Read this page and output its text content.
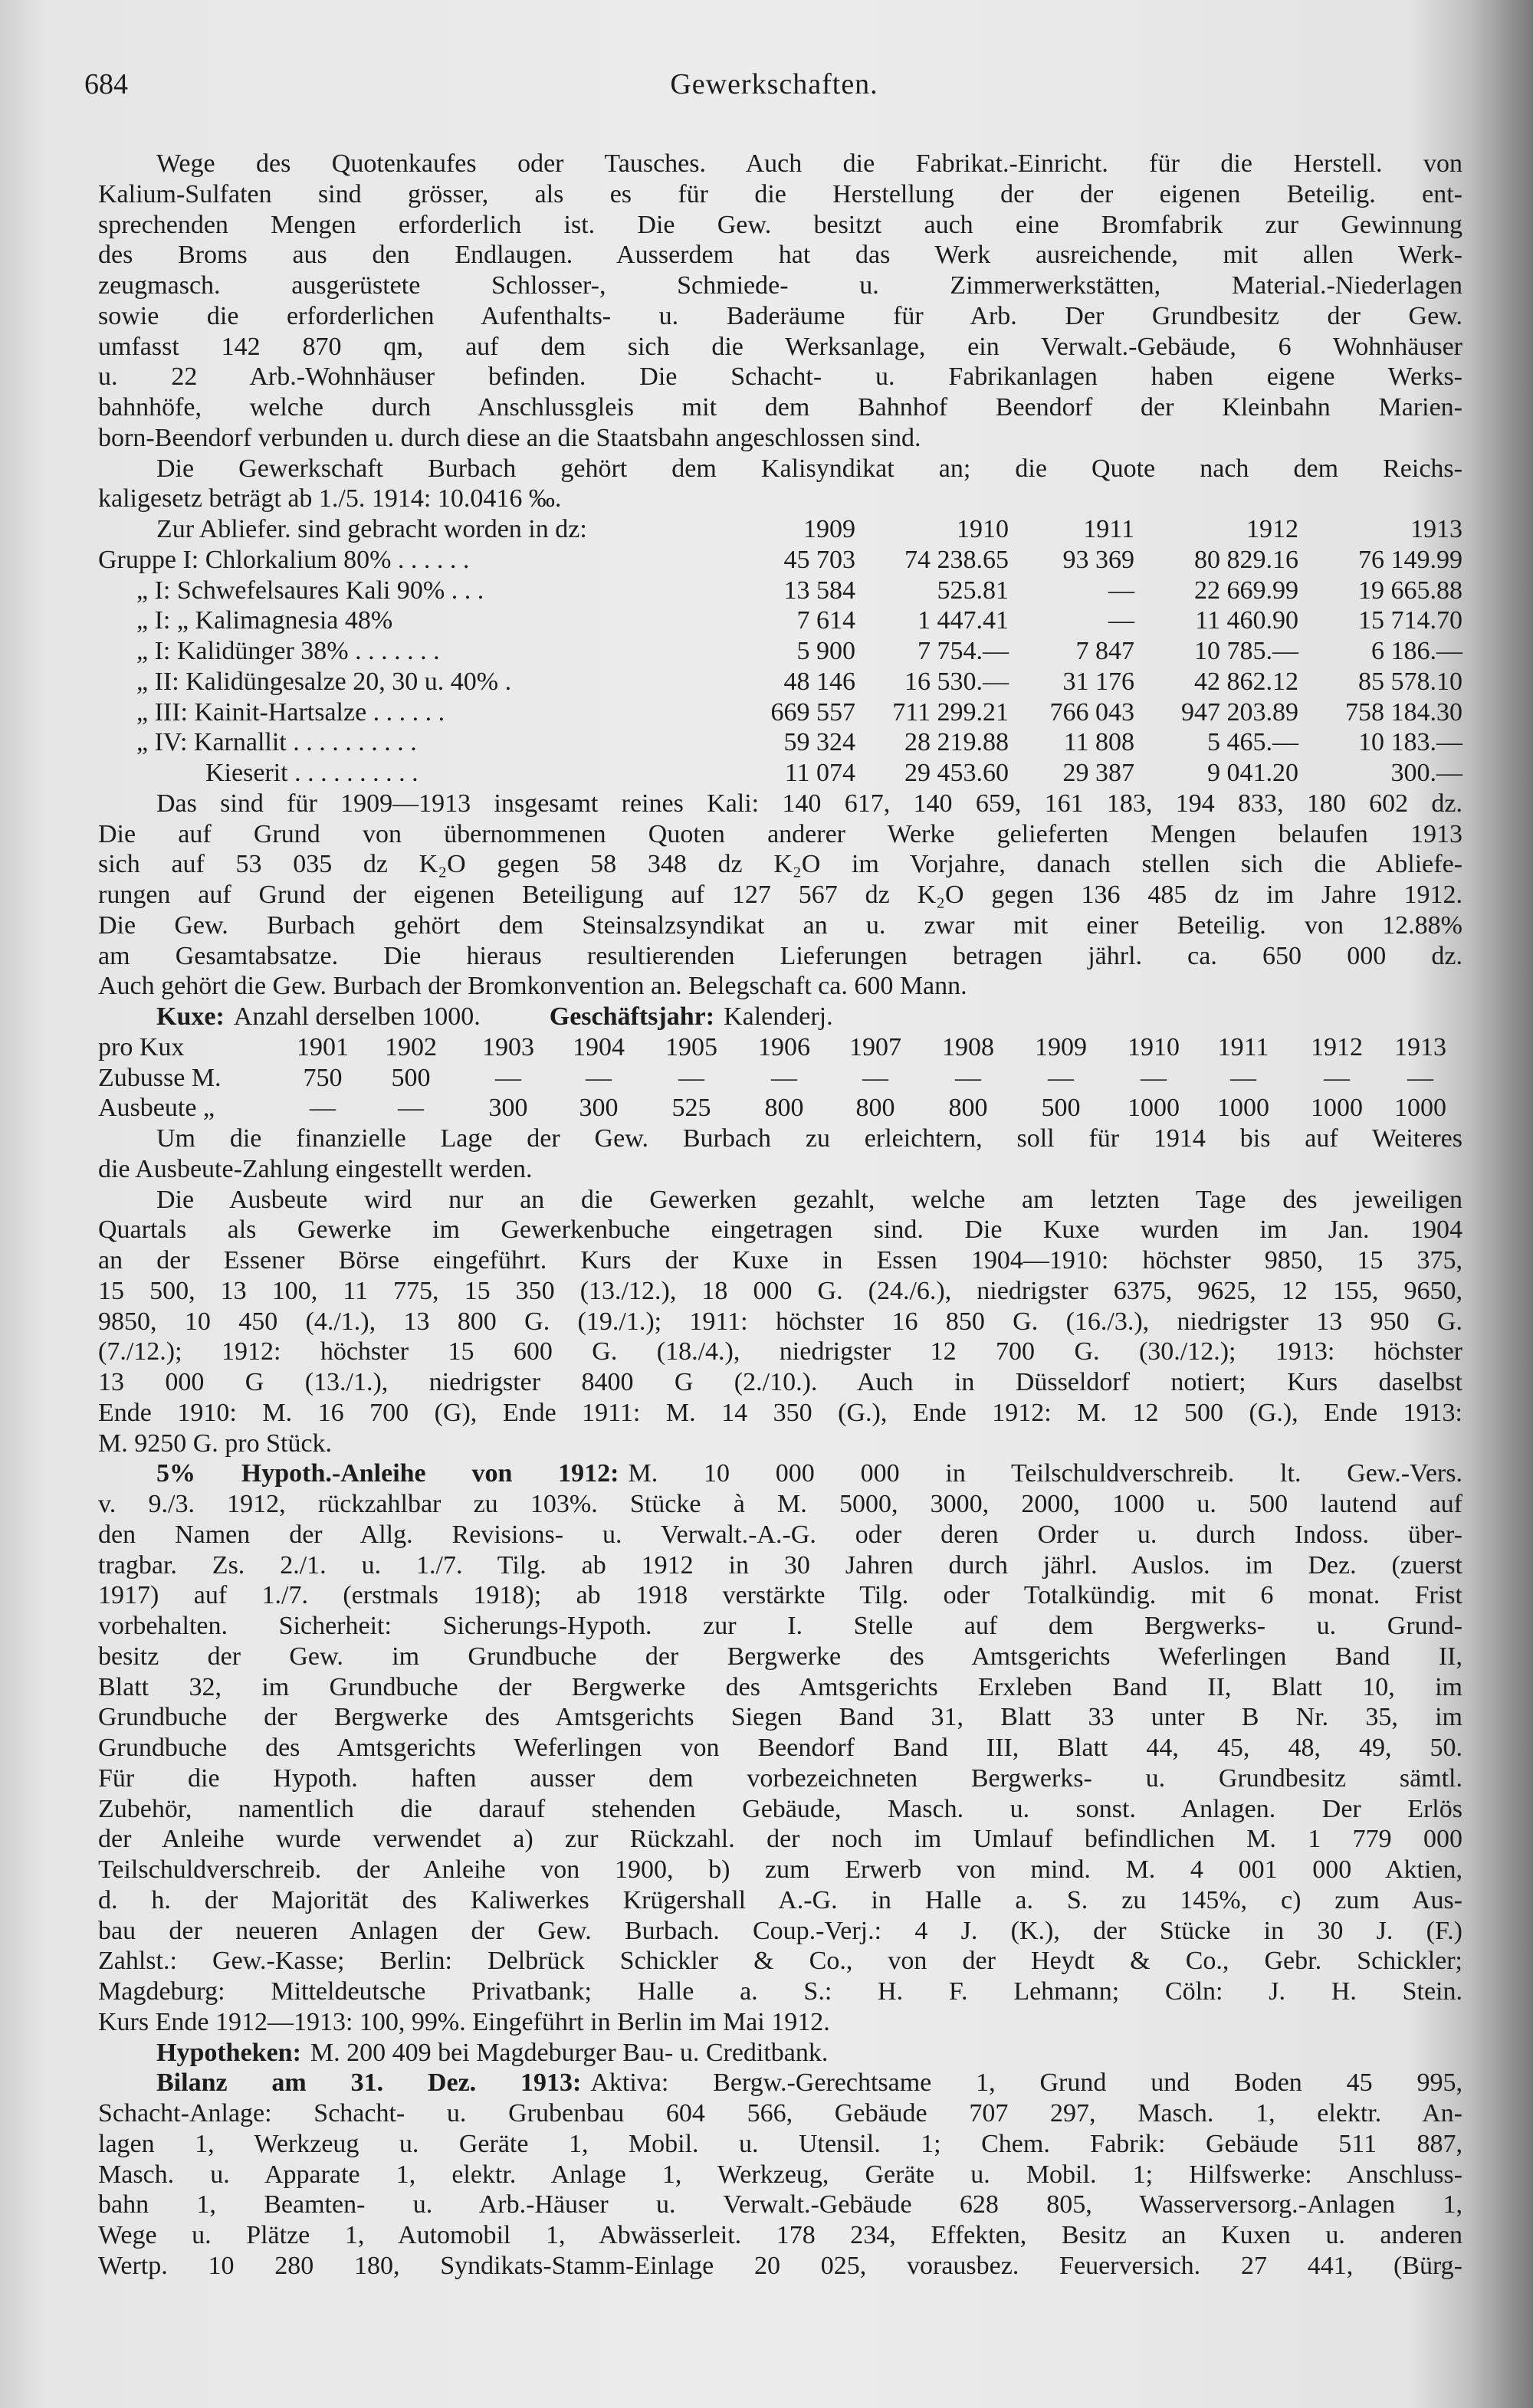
684	Gewerkschaften.
Wege des Quotenkaufes oder Tausches. Auch die Fabrikat.-Einricht. für die Herstell. von
Kalium-Sulfaten sind grösser, als es für die Herstellung der der eigenen Beteilig. ent-
sprechenden Mengen erforderlich ist. Die Gew. besitzt auch eine Bromfabrik zur Gewinnung
des Broms aus den Endlaugen. Ausserdem hat das Werk ausreichende, mit allen Werk-
zeugmasch. ausgerüstete Schlosser-, Schmiede- u. Zimmerwerkstätten, Material.-Niederlagen
sowie die erforderlichen Aufenthalts- u. Baderäume für Arb. Der Grundbesitz der Gew.
umfasst 142 870 qm, auf dem sich die Werksanlage, ein Verwalt.-Gebäude, 6 Wohnhäuser
u. 22 Arb.-Wohnhäuser befinden. Die Schacht- u. Fabrikanlagen haben eigene Werks-
bahnhöfe, welche durch Anschlussgleis mit dem Bahnhof Beendorf der Kleinbahn Marien-
born-Beendorf verbunden u. durch diese an die Staatsbahn angeschlossen sind.
Die Gewerkschaft Burbach gehört dem Kalisyndikat an; die Quote nach dem Reichs-
kaligesetz beträgt ab 1./5. 1914: 10.0416 ‰.
Zur Abliefer. sind gebracht worden in dz:	1909	1910	1911	1912	1913
Gruppe I: Chlorkalium 80% . . . . . .	45 703	74 238.65	93 369	80 829.16	76 149.99
„ I: Schwefelsaures Kali 90% . . .	13 584	525.81	—	22 669.99	19 665.88
„ I: „ Kalimagnesia 48%	7 614	1 447.41	—	11 460.90	15 714.70
„ I: Kalidünger 38% . . . . . . .	5 900	7 754.—	7 847	10 785.—	6 186.—
„ II: Kalidüngesalze 20, 30 u. 40% .	48 146	16 530.—	31 176	42 862.12	85 578.10
„ III: Kainit-Hartsalze . . . . . .	669 557	711 299.21	766 043	947 203.89	758 184.30
„ IV: Karnallit . . . . . . . . . .	59 324	28 219.88	11 808	5 465.—	10 183.—
Kieserit . . . . . . . . . .	11 074	29 453.60	29 387	9 041.20	300.—
Das sind für 1909—1913 insgesamt reines Kali: 140 617, 140 659, 161 183, 194 833, 180 602 dz.
Die auf Grund von übernommenen Quoten anderer Werke gelieferten Mengen belaufen 1913
sich auf 53 035 dz K₂O gegen 58 348 dz K₂O im Vorjahre, danach stellen sich die Abliefe-
rungen auf Grund der eigenen Beteiligung auf 127 567 dz K₂O gegen 136 485 dz im Jahre 1912.
Die Gew. Burbach gehört dem Steinsalzsyndikat an u. zwar mit einer Beteilig. von 12.88%
am Gesamtabsatze. Die hieraus resultierenden Lieferungen betragen jährl. ca. 650 000 dz.
Auch gehört die Gew. Burbach der Bromkonvention an. Belegschaft ca. 600 Mann.
Kuxe: Anzahl derselben 1000.	Geschäftsjahr: Kalenderj.
pro Kux	1901	1902	1903	1904	1905	1906	1907	1908	1909	1910	1911	1912	1913
Zubusse M.	750	500	—	—	—	—	—	—	—	—	—	—	—
Ausbeute „	—	—	300	300	525	800	800	800	500	1000	1000	1000	1000
Um die finanzielle Lage der Gew. Burbach zu erleichtern, soll für 1914 bis auf Weiteres
die Ausbeute-Zahlung eingestellt werden.
Die Ausbeute wird nur an die Gewerken gezahlt, welche am letzten Tage des jeweiligen
Quartals als Gewerke im Gewerkenbuche eingetragen sind. Die Kuxe wurden im Jan. 1904
an der Essener Börse eingeführt. Kurs der Kuxe in Essen 1904—1910: höchster 9850, 15 375,
15 500, 13 100, 11 775, 15 350 (13./12.), 18 000 G. (24./6.), niedrigster 6375, 9625, 12 155, 9650,
9850, 10 450 (4./1.), 13 800 G. (19./1.); 1911: höchster 16 850 G. (16./3.), niedrigster 13 950 G.
(7./12.); 1912: höchster 15 600 G. (18./4.), niedrigster 12 700 G. (30./12.); 1913: höchster
13 000 G (13./1.), niedrigster 8400 G (2./10.). Auch in Düsseldorf notiert; Kurs daselbst
Ende 1910: M. 16 700 (G), Ende 1911: M. 14 350 (G.), Ende 1912: M. 12 500 (G.), Ende 1913:
M. 9250 G. pro Stück.
5% Hypoth.-Anleihe von 1912: M. 10 000 000 in Teilschuldverschreib. lt. Gew.-Vers.
v. 9./3. 1912, rückzahlbar zu 103%. Stücke à M. 5000, 3000, 2000, 1000 u. 500 lautend auf
den Namen der Allg. Revisions- u. Verwalt.-A.-G. oder deren Order u. durch Indoss. über-
tragbar. Zs. 2./1. u. 1./7. Tilg. ab 1912 in 30 Jahren durch jährl. Auslos. im Dez. (zuerst
1917) auf 1./7. (erstmals 1918); ab 1918 verstärkte Tilg. oder Totalkündig. mit 6 monat. Frist
vorbehalten. Sicherheit: Sicherungs-Hypoth. zur I. Stelle auf dem Bergwerks- u. Grund-
besitz der Gew. im Grundbuche der Bergwerke des Amtsgerichts Weferlingen Band II,
Blatt 32, im Grundbuche der Bergwerke des Amtsgerichts Erxleben Band II, Blatt 10, im
Grundbuche der Bergwerke des Amtsgerichts Siegen Band 31, Blatt 33 unter B Nr. 35, im
Grundbuche des Amtsgerichts Weferlingen von Beendorf Band III, Blatt 44, 45, 48, 49, 50.
Für die Hypoth. haften ausser dem vorbezeichneten Bergwerks- u. Grundbesitz sämtl.
Zubehör, namentlich die darauf stehenden Gebäude, Masch. u. sonst. Anlagen. Der Erlös
der Anleihe wurde verwendet a) zur Rückzahl. der noch im Umlauf befindlichen M. 1 779 000
Teilschuldverschreib. der Anleihe von 1900, b) zum Erwerb von mind. M. 4 001 000 Aktien,
d. h. der Majorität des Kaliwerkes Krügershall A.-G. in Halle a. S. zu 145%, c) zum Aus-
bau der neueren Anlagen der Gew. Burbach. Coup.-Verj.: 4 J. (K.), der Stücke in 30 J. (F.)
Zahlst.: Gew.-Kasse; Berlin: Delbrück Schickler & Co., von der Heydt & Co., Gebr. Schickler;
Magdeburg: Mitteldeutsche Privatbank; Halle a. S.: H. F. Lehmann; Cöln: J. H. Stein.
Kurs Ende 1912—1913: 100, 99%. Eingeführt in Berlin im Mai 1912.
Hypotheken: M. 200 409 bei Magdeburger Bau- u. Creditbank.
Bilanz am 31. Dez. 1913: Aktiva: Bergw.-Gerechtsame 1, Grund und Boden 45 995,
Schacht-Anlage: Schacht- u. Grubenbau 604 566, Gebäude 707 297, Masch. 1, elektr. An-
lagen 1, Werkzeug u. Geräte 1, Mobil. u. Utensil. 1; Chem. Fabrik: Gebäude 511 887,
Masch. u. Apparate 1, elektr. Anlage 1, Werkzeug, Geräte u. Mobil. 1; Hilfswerke: Anschluss-
bahn 1, Beamten- u. Arb.-Häuser u. Verwalt.-Gebäude 628 805, Wasserversorg.-Anlagen 1,
Wege u. Plätze 1, Automobil 1, Abwässerleit. 178 234, Effekten, Besitz an Kuxen u. anderen
Wertp. 10 280 180, Syndikats-Stamm-Einlage 20 025, vorausbez. Feuerversich. 27 441, (Bürg-
